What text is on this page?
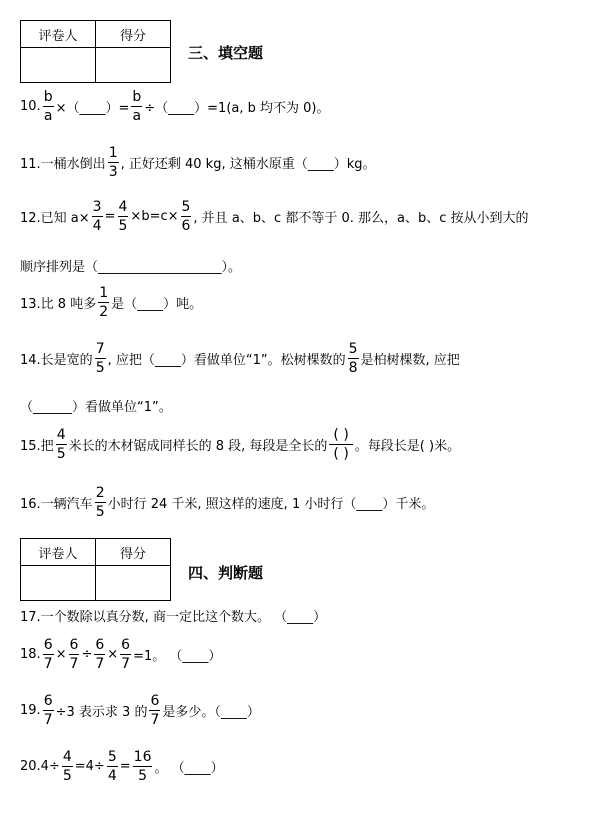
评卷人	得分

三、填空题
10. $\frac{b}{a}$ ×（____）= $\frac{b}{a}$ ÷（____）=1(a, b 均不为 0)。
11.一桶水倒出 $\frac{1}{3}$ , 正好还剩 40 kg, 这桶水原重（____）kg。
12.已知 $a\times \frac{3}{4} = \frac{4}{5} \times b=c\times \frac{5}{6}$ , 并且 a、b、c 都不等于 0. 那么，a、b、c 按从小到大的
顺序排列是（___________________）。
13.比 8 吨多 $\frac{1}{2}$ 是（____）吨。
14.长是宽的 $\frac{7}{5}$ , 应把（____）看做单位“1”。松树棵数的 $\frac{5}{8}$ 是柏树棵数, 应把
（______）看做单位“1”。
15.把 $\frac{4}{5}$ 米长的木材锯成同样长的 8 段, 每段是全长的 $\frac{( )}{( )}$ 。每段长是( )米。
16.一辆汽车 $\frac{2}{5}$ 小时行 24 千米, 照这样的速度, 1 小时行（____）千米。
评卷人	得分

四、判断题
17.一个数除以真分数, 商一定比这个数大。 （____）
18. $\frac{6}{7} \times \frac{6}{7} \div \frac{6}{7} \times \frac{6}{7} =1$。 （____）
19. $\frac{6}{7} \div 3$ 表示求 3 的 $\frac{6}{7}$ 是多少。（____）
$20.4\div \frac{4}{5} =4\div \frac{5}{4} = \frac{16}{5}$ 。 （____）
